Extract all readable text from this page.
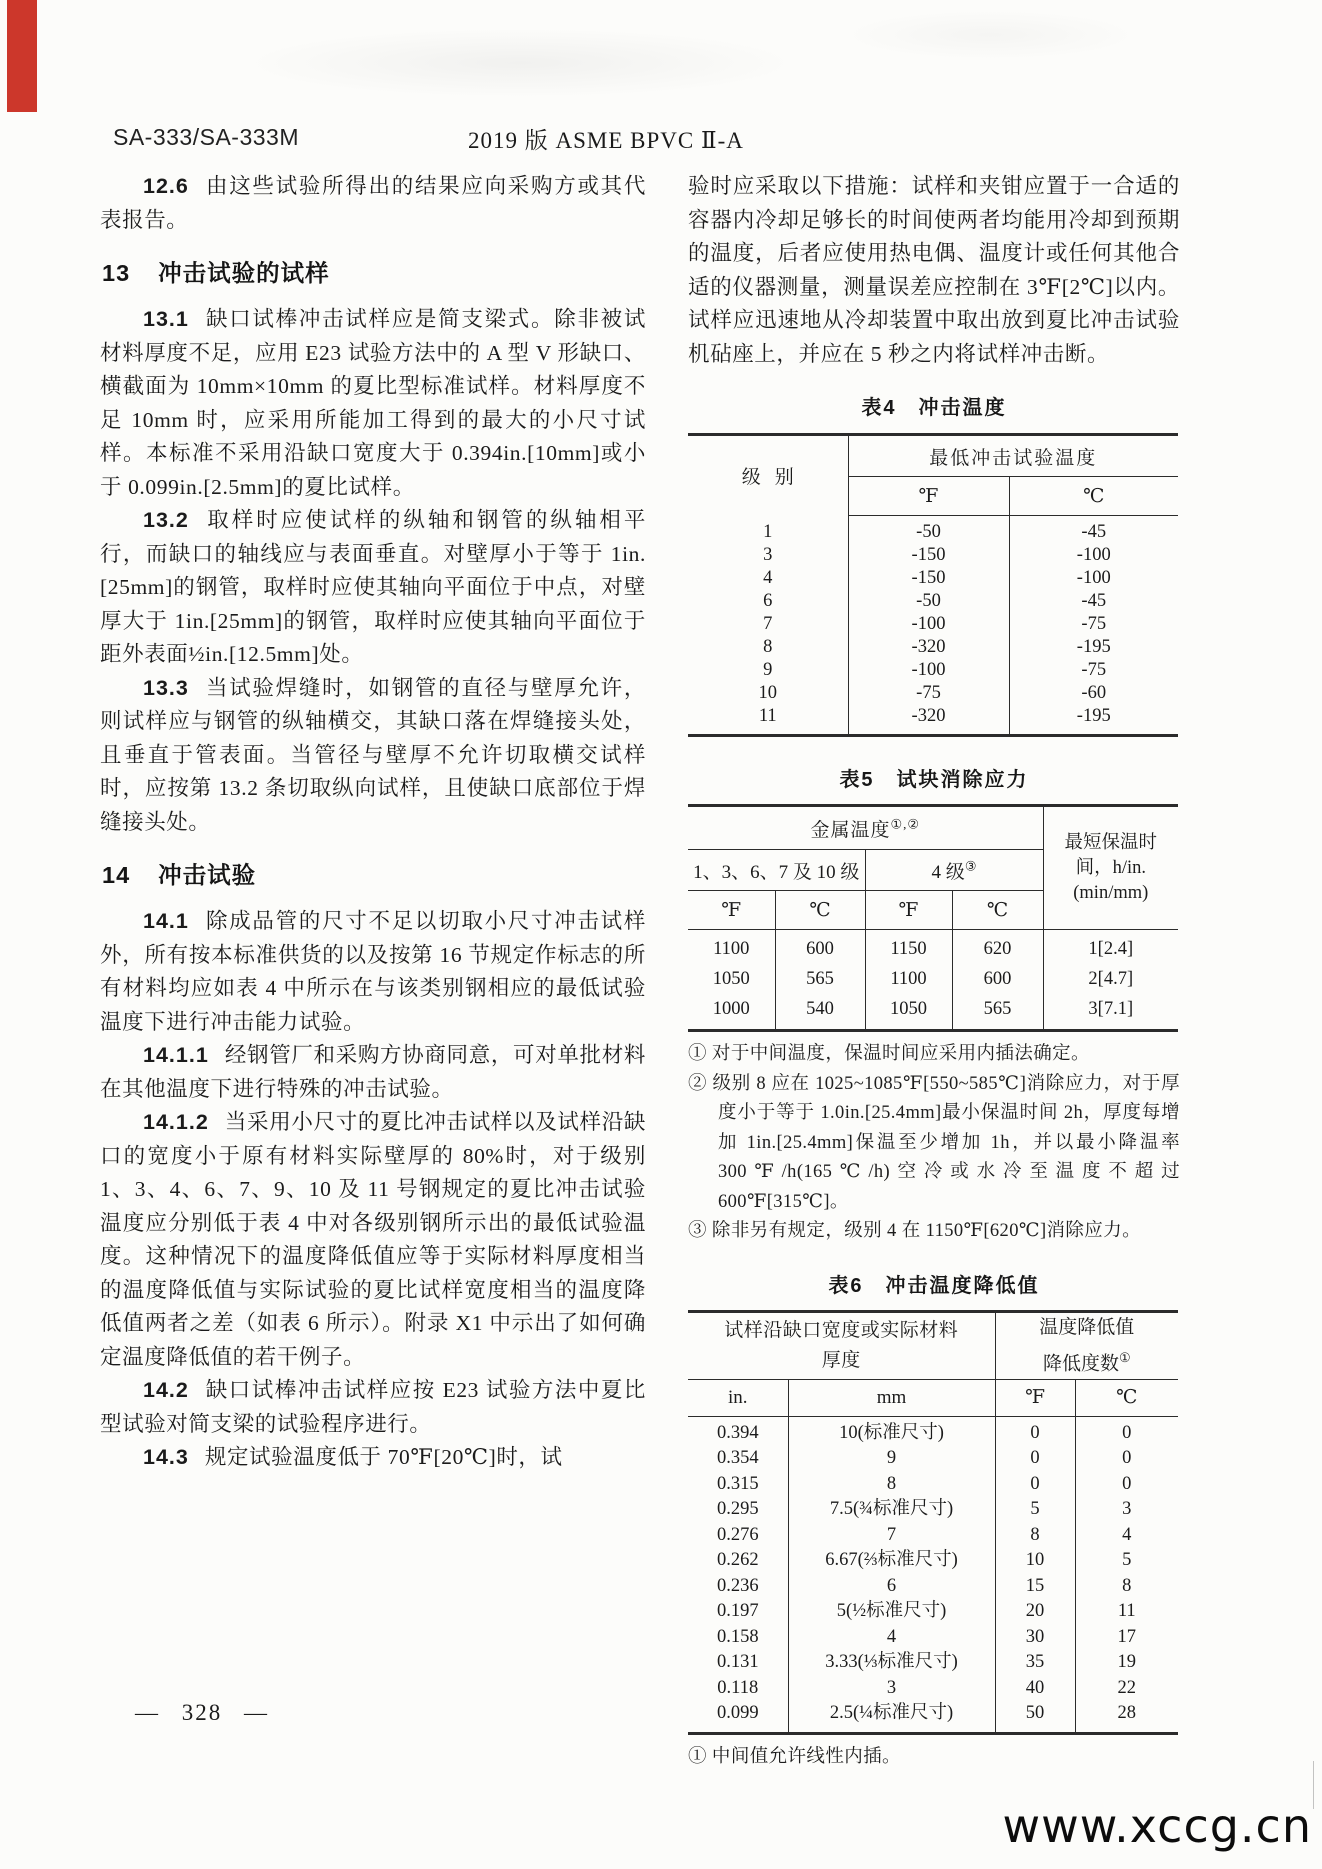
SA-333/SA-333M	2019 版 ASME BPVC Ⅱ-A

12.6 由这些试验所得出的结果应向采购方或其代表报告。

13 冲击试验的试样

13.1 缺口试棒冲击试样应是简支梁式。除非被试材料厚度不足，应用 E23 试验方法中的 A 型 V 形缺口、横截面为 10mm×10mm 的夏比型标准试样。材料厚度不足 10mm 时，应采用所能加工得到的最大的小尺寸试样。本标准不采用沿缺口宽度大于 0.394in.[10mm]或小于 0.099in.[2.5mm]的夏比试样。

13.2 取样时应使试样的纵轴和钢管的纵轴相平行，而缺口的轴线应与表面垂直。对壁厚小于等于 1in.[25mm]的钢管，取样时应使其轴向平面位于中点，对壁厚大于 1in.[25mm]的钢管，取样时应使其轴向平面位于距外表面½in.[12.5mm]处。

13.3 当试验焊缝时，如钢管的直径与壁厚允许，则试样应与钢管的纵轴横交，其缺口落在焊缝接头处，且垂直于管表面。当管径与壁厚不允许切取横交试样时，应按第 13.2 条切取纵向试样，且使缺口底部位于焊缝接头处。

14 冲击试验

14.1 除成品管的尺寸不足以切取小尺寸冲击试样外，所有按本标准供货的以及按第 16 节规定作标志的所有材料均应如表 4 中所示在与该类别钢相应的最低试验温度下进行冲击能力试验。

14.1.1 经钢管厂和采购方协商同意，可对单批材料在其他温度下进行特殊的冲击试验。

14.1.2 当采用小尺寸的夏比冲击试样以及试样沿缺口的宽度小于原有材料实际壁厚的 80%时，对于级别 1、3、4、6、7、9、10 及 11 号钢规定的夏比冲击试验温度应分别低于表 4 中对各级别钢所示出的最低试验温度。这种情况下的温度降低值应等于实际材料厚度相当的温度降低值与实际试验的夏比试样宽度相当的温度降低值两者之差（如表 6 所示）。附录 X1 中示出了如何确定温度降低值的若干例子。

14.2 缺口试棒冲击试样应按 E23 试验方法中夏比型试验对简支梁的试验程序进行。

14.3 规定试验温度低于 70℉[20℃]时，试

验时应采取以下措施：试样和夹钳应置于一合适的容器内冷却足够长的时间使两者均能用冷却到预期的温度，后者应使用热电偶、温度计或任何其他合适的仪器测量，测量误差应控制在 3℉[2℃]以内。试样应迅速地从冷却装置中取出放到夏比冲击试验机砧座上，并应在 5 秒之内将试样冲击断。

表4　冲击温度

级别	最低冲击试验温度	
	℉	℃
1	-50	-45
3	-150	-100
4	-150	-100
6	-50	-45
7	-100	-75
8	-320	-195
9	-100	-75
10	-75	-60
11	-320	-195

表5　试块消除应力

金属温度①,②				最短保温时间，h/in. (min/mm)
1、3、6、7 及 10 级		4 级③
℉	℃	℉	℃	
1100	600	1150	620	1[2.4]
1050	565	1100	600	2[4.7]
1000	540	1050	565	3[7.1]

① 对于中间温度，保温时间应采用内插法确定。

② 级别 8 应在 1025~1085℉[550~585℃]消除应力，对于厚度小于等于 1.0in.[25.4mm]最小保温时间 2h，厚度每增加 1in.[25.4mm]保温至少增加 1h，并以最小降温率 300℉/h(165℃/h)空冷或水冷至温度不超过 600℉[315℃]。

③ 除非另有规定，级别 4 在 1150℉[620℃]消除应力。

表6　冲击温度降低值

试样沿缺口宽度或实际材料
厚度		温度降低值
降低度数①
in.	mm	℉	℃
0.394	10(标准尺寸)	0	0
0.354	9	0	0
0.315	8	0	0
0.295	7.5(¾标准尺寸)	5	3
0.276	7	8	4
0.262	6.67(⅔标准尺寸)	10	5
0.236	6	15	8
0.197	5(½标准尺寸)	20	11
0.158	4	30	17
0.131	3.33(⅓标准尺寸)	35	19
0.118	3	40	22
0.099	2.5(¼标准尺寸)	50	28

① 中间值允许线性内插。

— 328 —
www.xccg.cn
